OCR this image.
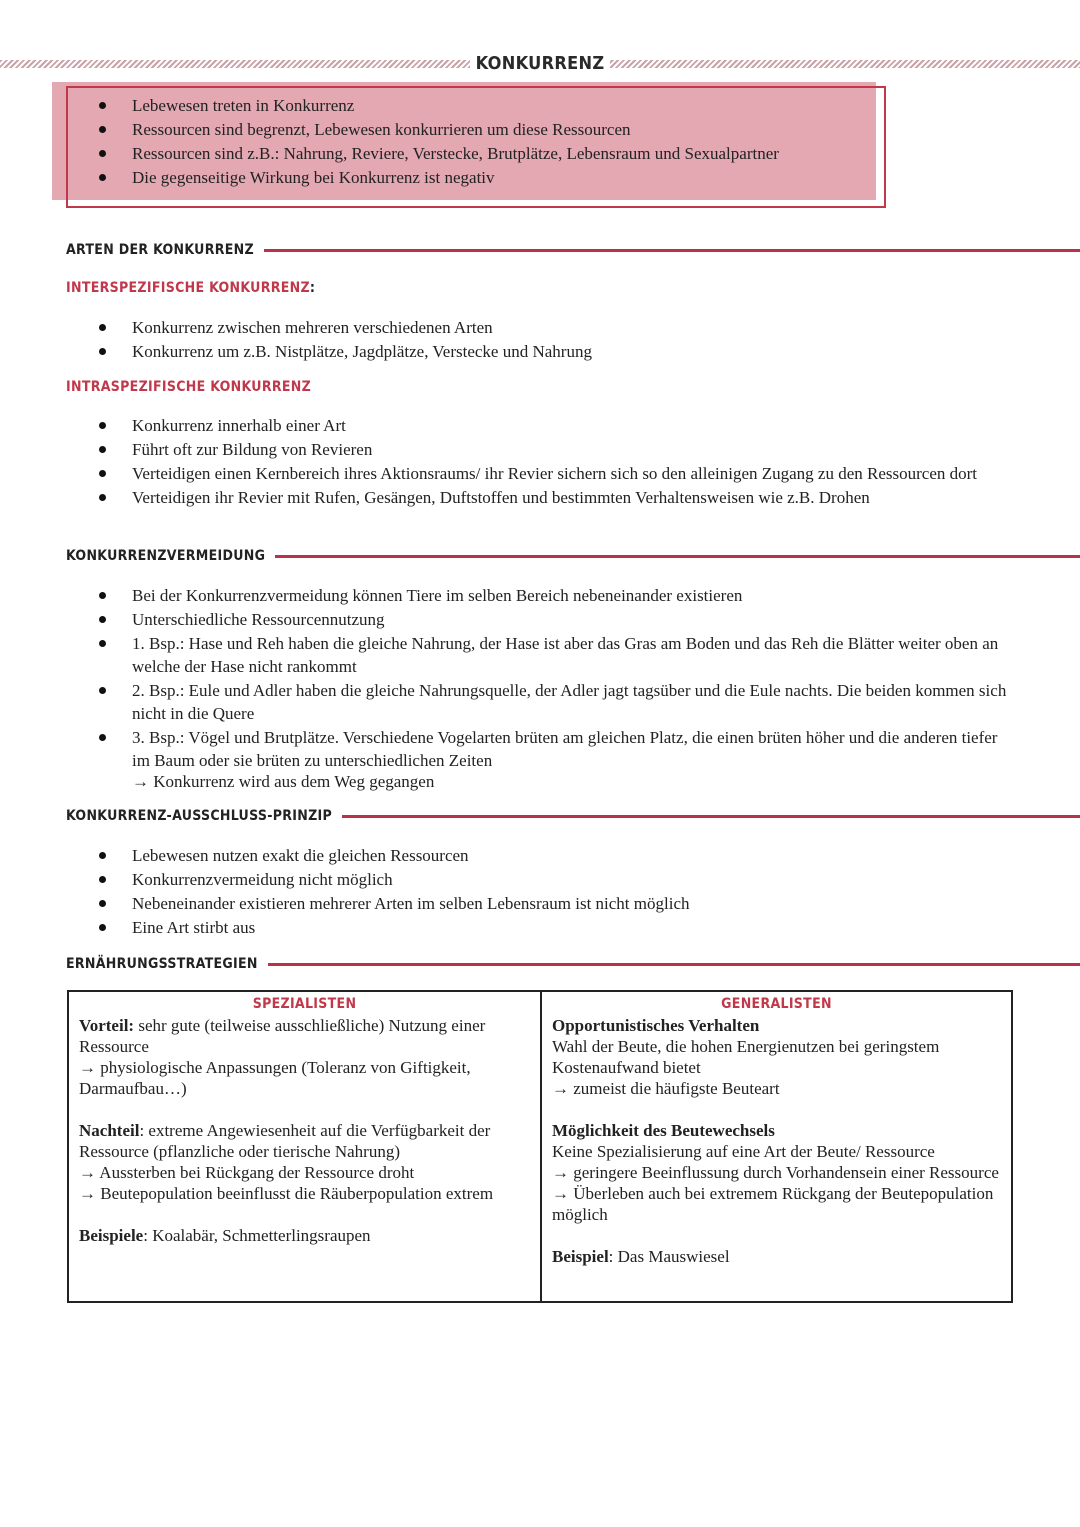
KONKURRENZ
Lebewesen treten in Konkurrenz
Ressourcen sind begrenzt, Lebewesen konkurrieren um diese Ressourcen
Ressourcen sind z.B.: Nahrung, Reviere, Verstecke, Brutplätze, Lebensraum und Sexualpartner
Die gegenseitige Wirkung bei Konkurrenz ist negativ
ARTEN DER KONKURRENZ
INTERSPEZIFISCHE KONKURRENZ:
Konkurrenz zwischen mehreren verschiedenen Arten
Konkurrenz um z.B. Nistplätze, Jagdplätze, Verstecke und Nahrung
INTRASPEZIFISCHE KONKURRENZ
Konkurrenz innerhalb einer Art
Führt oft zur Bildung von Revieren
Verteidigen einen Kernbereich ihres Aktionsraums/ ihr Revier sichern sich so den alleinigen Zugang zu den Ressourcen dort
Verteidigen ihr Revier mit Rufen, Gesängen, Duftstoffen und bestimmten Verhaltensweisen wie z.B. Drohen
KONKURRENZVERMEIDUNG
Bei der Konkurrenzvermeidung können Tiere im selben Bereich nebeneinander existieren
Unterschiedliche Ressourcennutzung
1. Bsp.: Hase und Reh haben die gleiche Nahrung, der Hase ist aber das Gras am Boden und das Reh die Blätter weiter oben an welche der Hase nicht rankommt
2. Bsp.: Eule und Adler haben die gleiche Nahrungsquelle, der Adler jagt tagsüber und die Eule nachts. Die beiden kommen sich nicht in die Quere
3. Bsp.: Vögel und Brutplätze. Verschiedene Vogelarten brüten am gleichen Platz, die einen brüten höher und die anderen tiefer im Baum oder sie brüten zu unterschiedlichen Zeiten
→ Konkurrenz wird aus dem Weg gegangen
KONKURRENZ-AUSSCHLUSS-PRINZIP
Lebewesen nutzen exakt die gleichen Ressourcen
Konkurrenzvermeidung nicht möglich
Nebeneinander existieren mehrerer Arten im selben Lebensraum ist nicht möglich
Eine Art stirbt aus
ERNÄHRUNGSSTRATEGIEN
SPEZIALISTEN

Vorteil: sehr gute (teilweise ausschließliche) Nutzung einer Ressource

→ physiologische Anpassungen (Toleranz von Giftigkeit, Darmaufbau…)

Nachteil: extreme Angewiesenheit auf die Verfügbarkeit der Ressource (pflanzliche oder tierische Nahrung)

→ Aussterben bei Rückgang der Ressource droht

→ Beutepopulation beeinflusst die Räuberpopulation extrem

Beispiele: Koalabär, Schmetterlingsraupen

GENERALISTEN

Opportunistisches Verhalten

Wahl der Beute, die hohen Energienutzen bei geringstem Kostenaufwand bietet

→ zumeist die häufigste Beuteart

Möglichkeit des Beutewechsels

Keine Spezialisierung auf eine Art der Beute/ Ressource

→ geringere Beeinflussung durch Vorhandensein einer Ressource

→ Überleben auch bei extremem Rückgang der Beutepopulation möglich

Beispiel: Das Mauswiesel
